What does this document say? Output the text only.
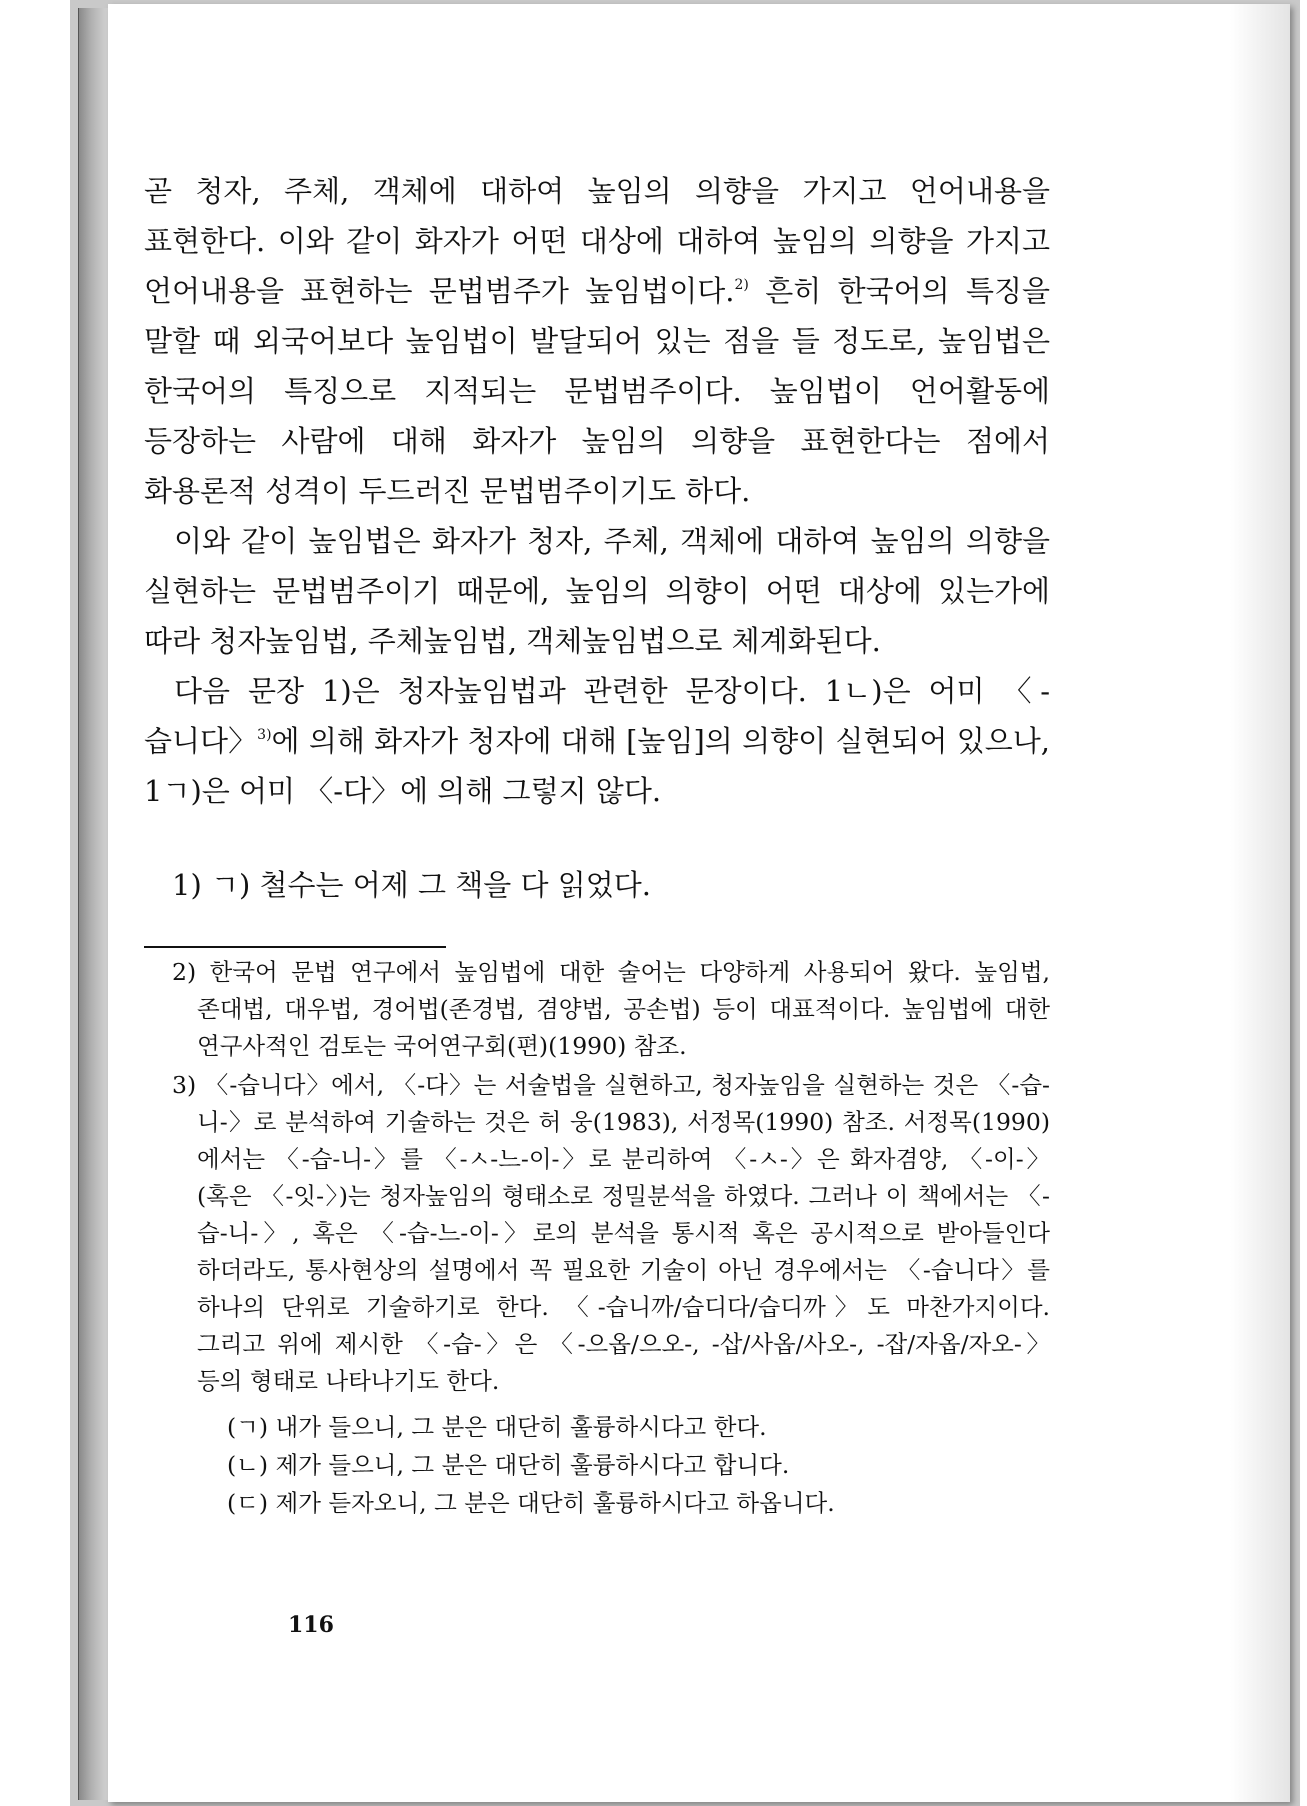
곧 청자, 주체, 객체에 대하여 높임의 의향을 가지고 언어내용을 표현한다. 이와 같이 화자가 어떤 대상에 대하여 높임의 의향을 가지고 언어내용을 표현하는 문법범주가 높임법이다.$^{2)}$ 흔히 한국어의 특징을 말할 때 외국어보다 높임법이 발달되어 있는 점을 들 정도로, 높임법은 한국어의 특징으로 지적되는 문법범주이다. 높임법이 언어활동에 등장하는 사람에 대해 화자가 높임의 의향을 표현한다는 점에서 화용론적 성격이 두드러진 문법범주이기도 하다.

이와 같이 높임법은 화자가 청자, 주체, 객체에 대하여 높임의 의향을 실현하는 문법범주이기 때문에, 높임의 의향이 어떤 대상에 있는가에 따라 청자높임법, 주체높임법, 객체높임법으로 체계화된다.

다음 문장 1)은 청자높임법과 관련한 문장이다. 1ㄴ)은 어미 〈-습니다〉$^{3)}$에 의해 화자가 청자에 대해 [높임]의 의향이 실현되어 있으나, 1ㄱ)은 어미 〈-다〉에 의해 그렇지 않다.

1) ㄱ) 철수는 어제 그 책을 다 읽었다.

2) 한국어 문법 연구에서 높임법에 대한 술어는 다양하게 사용되어 왔다. 높임법, 존대법, 대우법, 경어법(존경법, 겸양법, 공손법) 등이 대표적이다. 높임법에 대한 연구사적인 검토는 국어연구회(편)(1990) 참조.

3) 〈-습니다〉에서, 〈-다〉는 서술법을 실현하고, 청자높임을 실현하는 것은 〈-습-니-〉로 분석하여 기술하는 것은 허 웅(1983), 서정목(1990) 참조. 서정목(1990)에서는 〈-습-니-〉를 〈-ㅅ-느-이-〉로 분리하여 〈-ㅅ-〉은 화자겸양, 〈-이-〉(혹은 〈-잇-〉)는 청자높임의 형태소로 정밀분석을 하였다. 그러나 이 책에서는 〈-습-니-〉, 혹은 〈-습-느-이-〉로의 분석을 통시적 혹은 공시적으로 받아들인다 하더라도, 통사현상의 설명에서 꼭 필요한 기술이 아닌 경우에서는 〈-습니다〉를 하나의 단위로 기술하기로 한다. 〈-습니까/습디다/습디까〉도 마찬가지이다. 그리고 위에 제시한 〈-습-〉은 〈-으옵/으오-, -삽/사옵/사오-, -잡/자옵/자오-〉 등의 형태로 나타나기도 한다.

(ㄱ) 내가 들으니, 그 분은 대단히 훌륭하시다고 한다.
(ㄴ) 제가 들으니, 그 분은 대단히 훌륭하시다고 합니다.
(ㄷ) 제가 듣자오니, 그 분은 대단히 훌륭하시다고 하옵니다.
116
